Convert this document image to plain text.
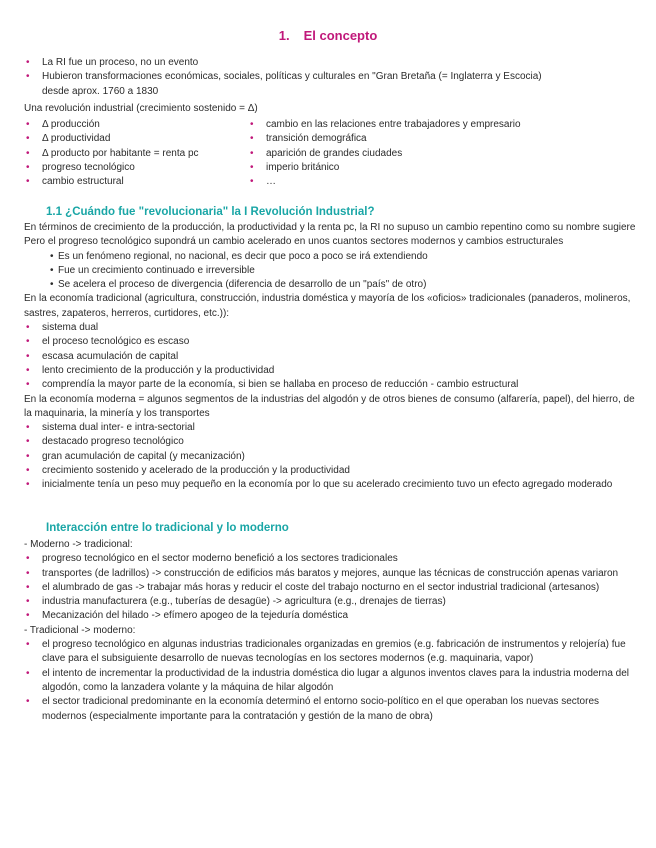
1. El concepto
• La RI fue un proceso, no un evento
• Hubieron transformaciones económicas, sociales, políticas y culturales en "Gran Bretaña (= Inglaterra y Escocia)
desde aprox. 1760 a 1830
Una revolución industrial (crecimiento sostenido = Δ)
• Δ producción
• Δ productividad
• Δ producto por habitante = renta pc
• progreso tecnológico
• cambio estructural
• cambio en las relaciones entre trabajadores y empresario
• transición demográfica
• aparición de grandes ciudades
• imperio británico
• …
1.1 ¿Cuándo fue "revolucionaria" la I Revolución Industrial?
En términos de crecimiento de la producción, la productividad y la renta pc, la RI no supuso un cambio repentino como su nombre sugiere
Pero el progreso tecnológico supondrá un cambio acelerado en unos cuantos sectores modernos y cambios estructurales
• Es un fenómeno regional, no nacional, es decir que poco a poco se irá extendiendo
• Fue un crecimiento continuado e irreversible
• Se acelera el proceso de divergencia (diferencia de desarrollo de un "país" de otro)
En la economía tradicional (agricultura, construcción, industria doméstica y mayoría de los «oficios» tradicionales (panaderos, molineros, sastres, zapateros, herreros, curtidores, etc.)):
• sistema dual
• el proceso tecnológico es escaso
• escasa acumulación de capital
• lento crecimiento de la producción y la productividad
• comprendía la mayor parte de la economía, si bien se hallaba en proceso de reducción - cambio estructural
En la economía moderna = algunos segmentos de la industrias del algodón y de otros bienes de consumo (alfarería, papel), del hierro, de la maquinaria, la minería y los transportes
• sistema dual inter- e intra-sectorial
• destacado progreso tecnológico
• gran acumulación de capital (y mecanización)
• crecimiento sostenido y acelerado de la producción y la productividad
• inicialmente tenía un peso muy pequeño en la economía por lo que su acelerado crecimiento tuvo un efecto agregado moderado
Interacción entre lo tradicional y lo moderno
- Moderno -> tradicional:
• progreso tecnológico en el sector moderno benefició a los sectores tradicionales
• transportes (de ladrillos) -> construcción de edificios más baratos y mejores, aunque las técnicas de construcción apenas variaron
• el alumbrado de gas -> trabajar más horas y reducir el coste del trabajo nocturno en el sector industrial tradicional (artesanos)
• industria manufacturera (e.g., tuberías de desagüe) -> agricultura (e.g., drenajes de tierras)
• Mecanización del hilado -> efímero apogeo de la tejeduría doméstica
- Tradicional -> moderno:
• el progreso tecnológico en algunas industrias tradicionales organizadas en gremios (e.g. fabricación de instrumentos y relojería) fue clave para el subsiguiente desarrollo de nuevas tecnologías en los sectores modernos (e.g. maquinaria, vapor)
• el intento de incrementar la productividad de la industria doméstica dio lugar a algunos inventos claves para la industria moderna del algodón, como la lanzadera volante y la máquina de hilar algodón
• el sector tradicional predominante en la economía determinó el entorno socio-político en el que operaban los nuevas sectores modernos (especialmente importante para la contratación y gestión de la mano de obra)
